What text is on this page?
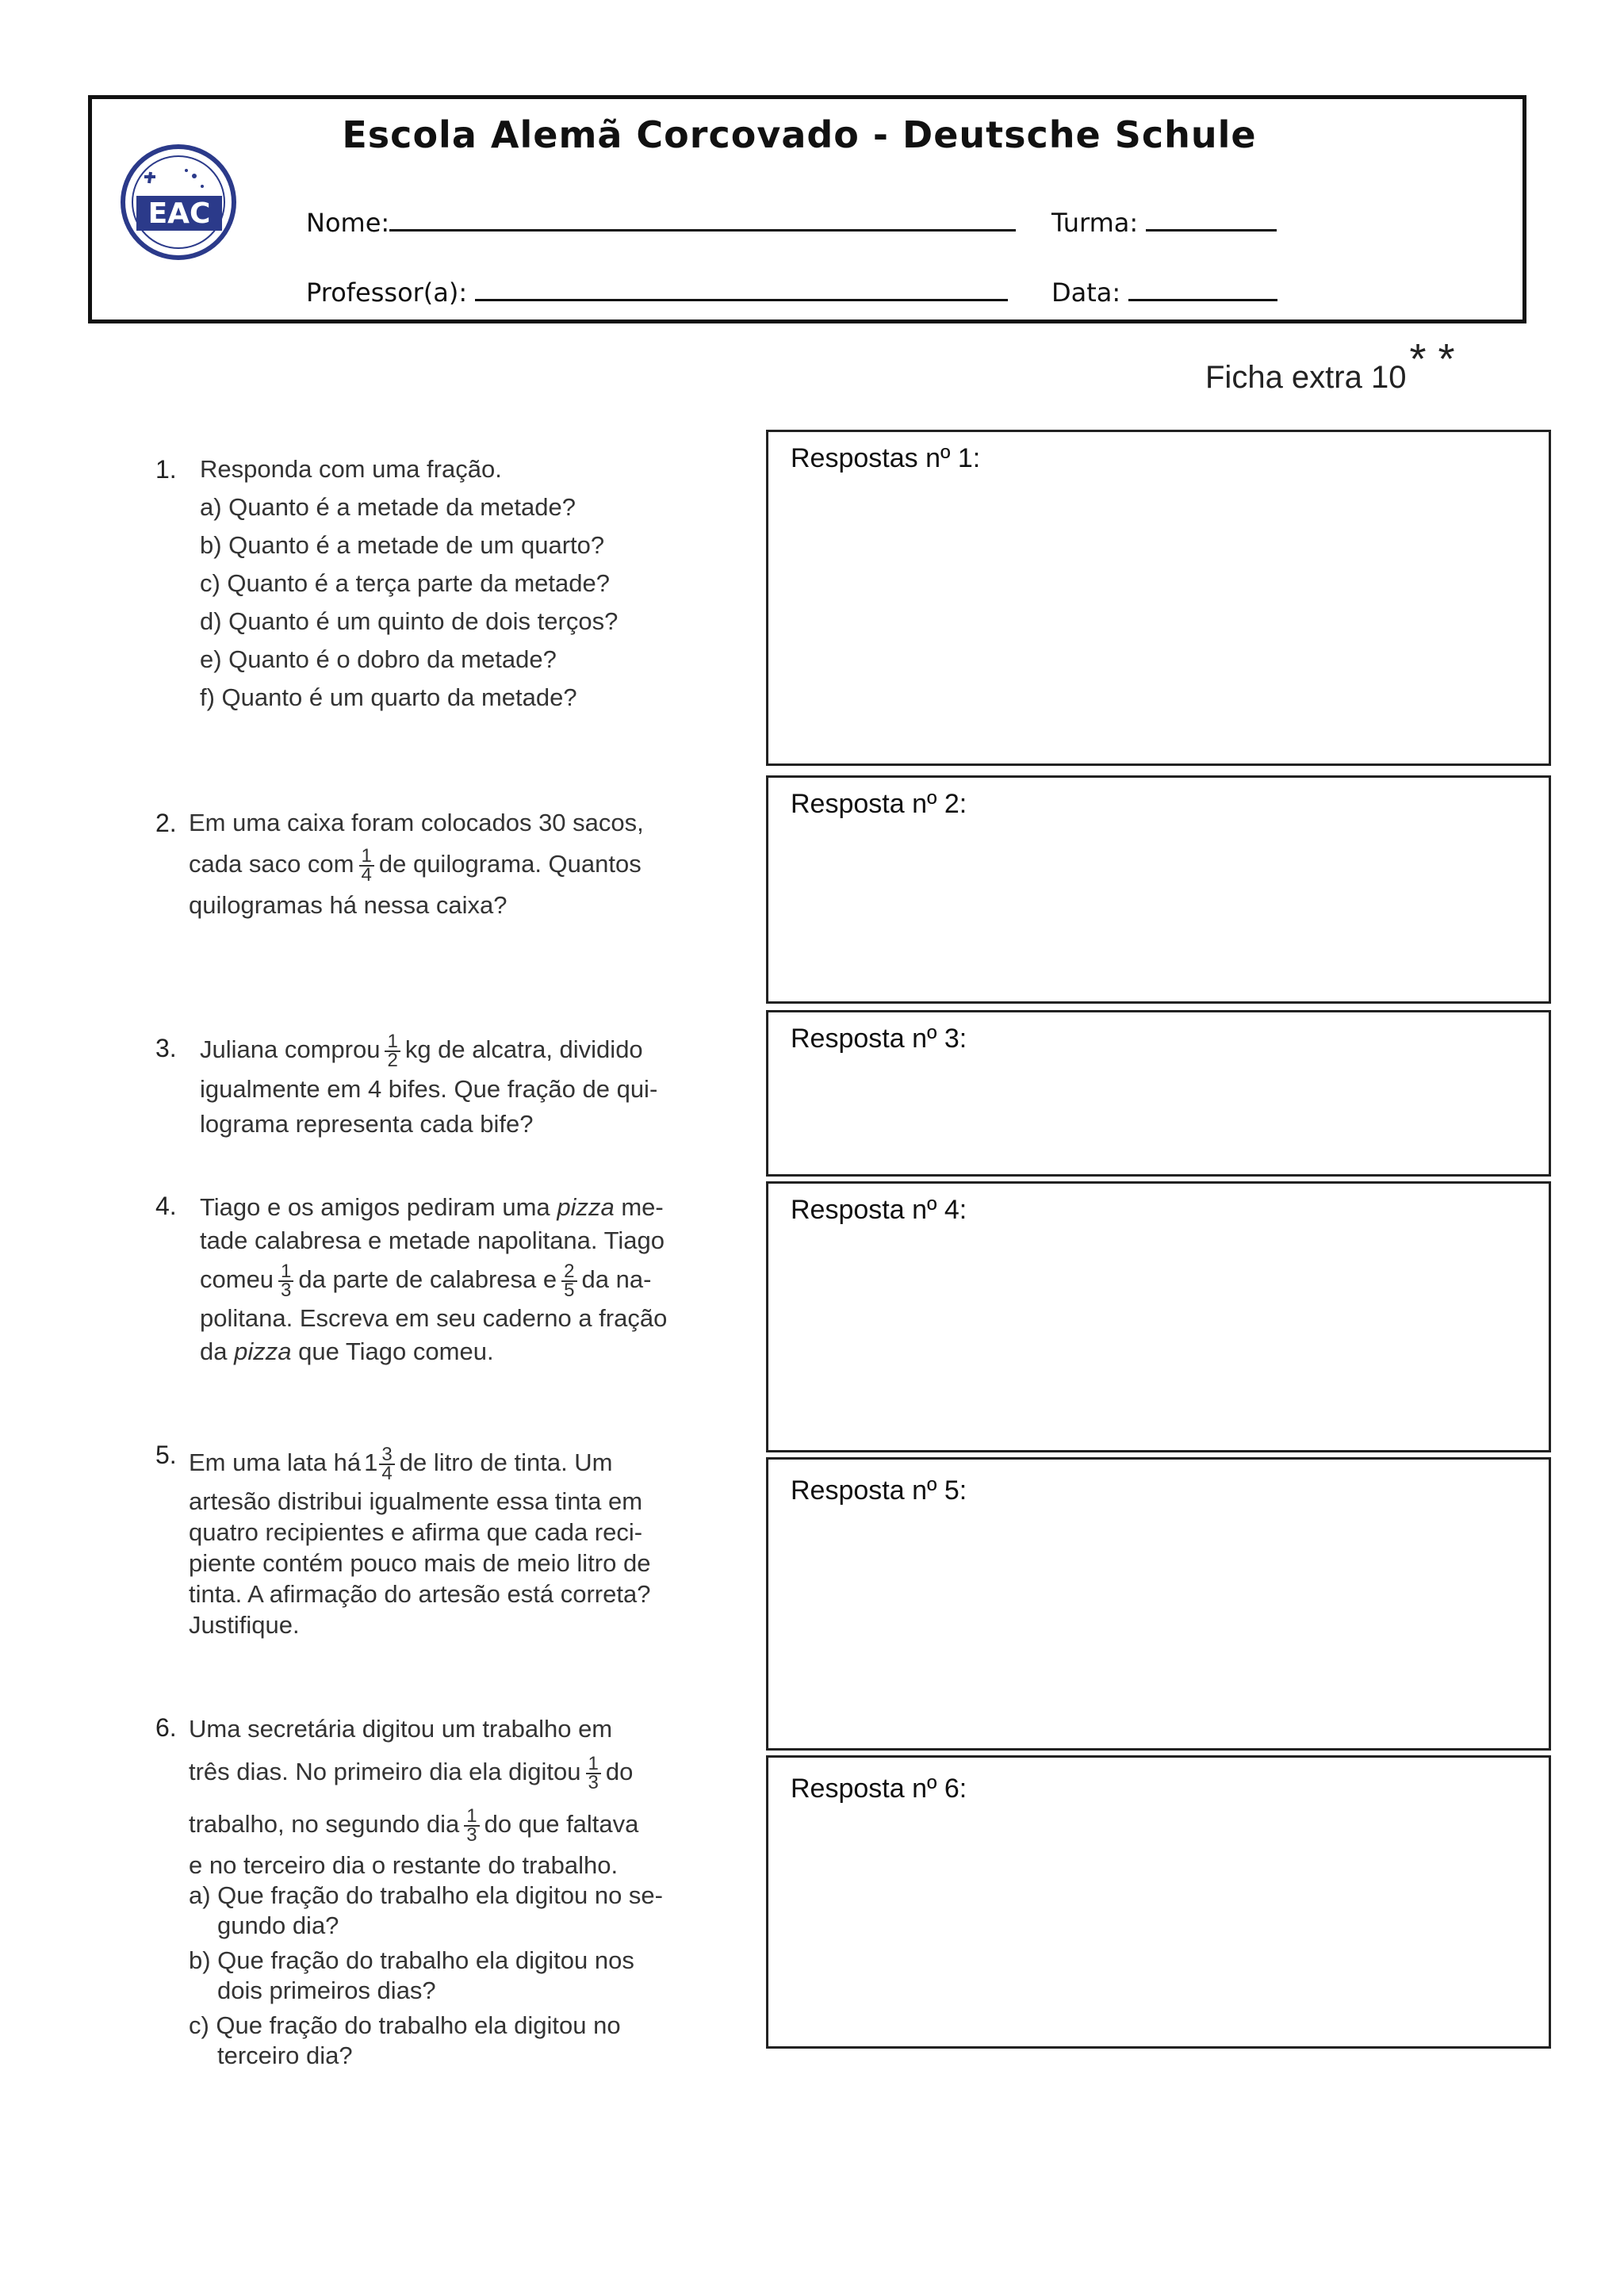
EAC
Escola Alemã Corcovado - Deutsche Schule
Nome:	Turma:
Professor(a):	Data:
Ficha extra 10* *
1. Responda com uma fração.
a) Quanto é a metade da metade?
b) Quanto é a metade de um quarto?
c) Quanto é a terça parte da metade?
d) Quanto é um quinto de dois terços?
e) Quanto é o dobro da metade?
f) Quanto é um quarto da metade?
2. Em uma caixa foram colocados 30 sacos,
cada saco com $\frac{1}{4}$ de quilograma. Quantos
quilogramas há nessa caixa?
3. Juliana comprou $\frac{1}{2}$ kg de alcatra, dividido
igualmente em 4 bifes. Que fração de qui-
lograma representa cada bife?
4. Tiago e os amigos pediram uma pizza me-
tade calabresa e metade napolitana. Tiago
comeu $\frac{1}{3}$ da parte de calabresa e $\frac{2}{5}$ da na-
politana. Escreva em seu caderno a fração
da pizza que Tiago comeu.
5. Em uma lata há $1 \frac{3}{4}$ de litro de tinta. Um
artesão distribui igualmente essa tinta em
quatro recipientes e afirma que cada reci-
piente contém pouco mais de meio litro de
tinta. A afirmação do artesão está correta?
Justifique.
6. Uma secretária digitou um trabalho em
três dias. No primeiro dia ela digitou $\frac{1}{3}$ do
trabalho, no segundo dia $\frac{1}{3}$ do que faltava
e no terceiro dia o restante do trabalho.
a) Que fração do trabalho ela digitou no se-
gundo dia?
b) Que fração do trabalho ela digitou nos
dois primeiros dias?
c) Que fração do trabalho ela digitou no
terceiro dia?
Respostas nº 1:
Resposta nº 2:
Resposta nº 3:
Resposta nº 4:
Resposta nº 5:
Resposta nº 6:
